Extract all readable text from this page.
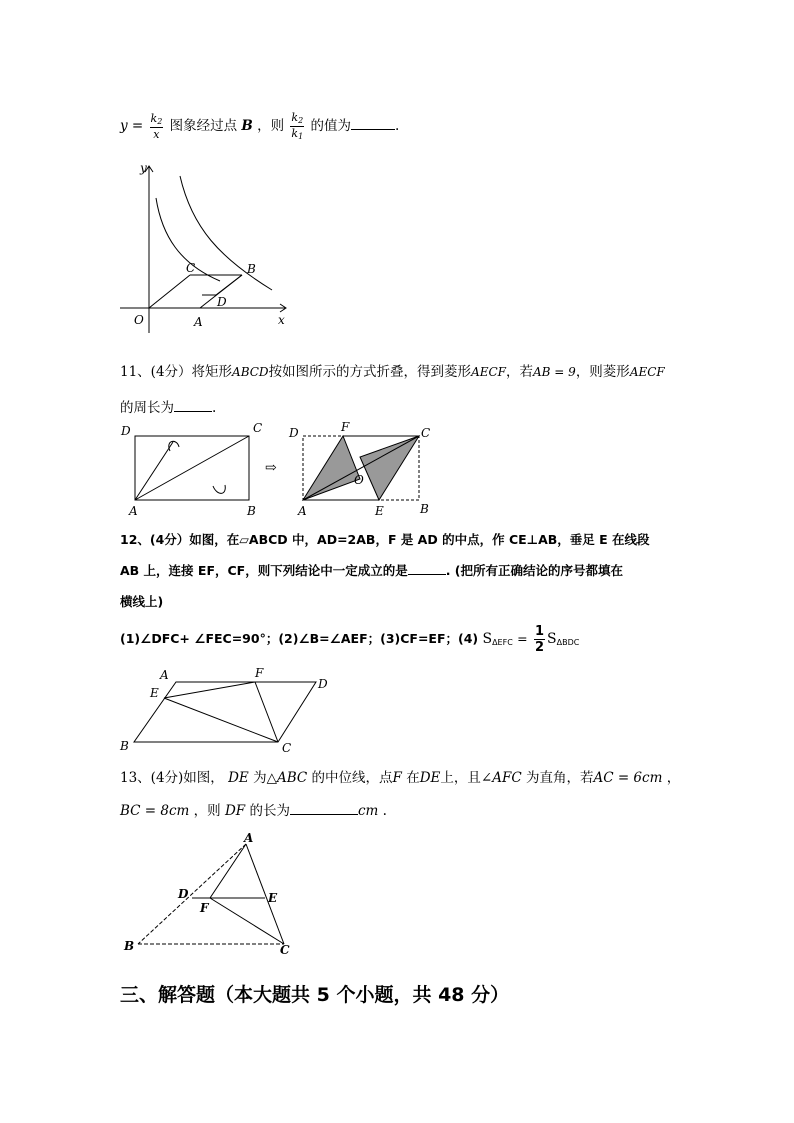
$y = \frac{k_2}{x}$ 图象经过点 B ，则 $\frac{k_2}{k_1}$ 的值为	.
y
x
O	A
B
C
D
11、(4分）将矩形ABCD按如图所示的方式折叠，得到菱形AECF，若AB = 9，则菱形AECF
的周长为	.
D	C
A	B
⇨
D	F	C
O
A	E	B
12、(4分）如图，在▱ABCD 中，AD=2AB，F 是 AD 的中点，作 CE⊥AB，垂足 E 在线段
AB 上，连接 EF，CF，则下列结论中一定成立的是	. (把所有正确结论的序号都填在
横线上)
(1)∠DFC+ ∠FEC=90°；(2)∠B=∠AEF；(3)CF=EF；(4) $S_{\Delta EFC} = \frac{1}{2} S_{\Delta BDC}$
A	F
D
E
B	C
13、(4分)如图， DE 为△ABC 的中位线，点F 在DE上，且∠AFC 为直角，若AC = 6cm ，
BC = 8cm ，则 DF 的长为	cm .
A
D	E
F
B	C
三、解答题（本大题共 5 个小题，共 48 分）
